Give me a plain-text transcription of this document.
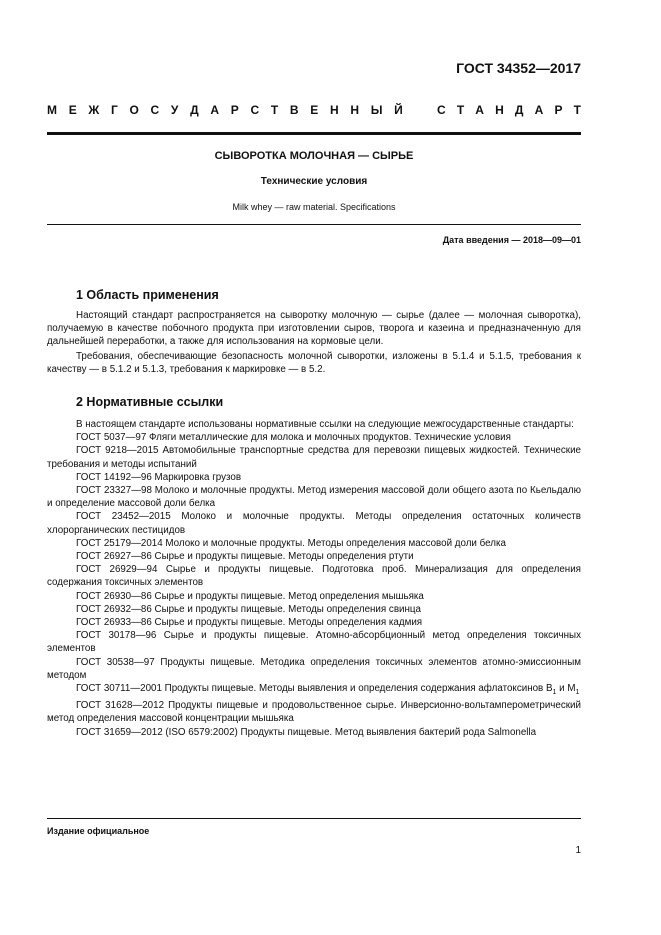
ГОСТ 34352—2017
М Е Ж Г О С У Д А Р С Т В Е Н Н Ы Й	С Т А Н Д А Р Т
СЫВОРОТКА МОЛОЧНАЯ — СЫРЬЕ
Технические условия
Milk whey — raw material. Specifications
Дата введения — 2018—09—01
1 Область применения

Настоящий стандарт распространяется на сыворотку молочную — сырье (далее — молочная сыворотка), получаемую в качестве побочного продукта при изготовлении сыров, творога и казеина и предназначенную для дальнейшей переработки, а также для использования на кормовые цели.

Требования, обеспечивающие безопасность молочной сыворотки, изложены в 5.1.4 и 5.1.5, требования к качеству — в 5.1.2 и 5.1.3, требования к маркировке — в 5.2.

2 Нормативные ссылки

В настоящем стандарте использованы нормативные ссылки на следующие межгосударственные стандарты:

ГОСТ 5037—97 Фляги металлические для молока и молочных продуктов. Технические условия

ГОСТ 9218—2015 Автомобильные транспортные средства для перевозки пищевых жидкостей. Технические требования и методы испытаний

ГОСТ 14192—96 Маркировка грузов

ГОСТ 23327—98 Молоко и молочные продукты. Метод измерения массовой доли общего азота по Кьельдалю и определение массовой доли белка

ГОСТ 23452—2015 Молоко и молочные продукты. Методы определения остаточных количеств хлорорганических пестицидов

ГОСТ 25179—2014 Молоко и молочные продукты. Методы определения массовой доли белка

ГОСТ 26927—86 Сырье и продукты пищевые. Методы определения ртути

ГОСТ 26929—94 Сырье и продукты пищевые. Подготовка проб. Минерализация для определения содержания токсичных элементов

ГОСТ 26930—86 Сырье и продукты пищевые. Метод определения мышьяка

ГОСТ 26932—86 Сырье и продукты пищевые. Методы определения свинца

ГОСТ 26933—86 Сырье и продукты пищевые. Методы определения кадмия

ГОСТ 30178—96 Сырье и продукты пищевые. Атомно-абсорбционный метод определения токсичных элементов

ГОСТ 30538—97 Продукты пищевые. Методика определения токсичных элементов атомно-эмиссионным методом

ГОСТ 30711—2001 Продукты пищевые. Методы выявления и определения содержания афлатоксинов $B_1$ и $M_1$

ГОСТ 31628—2012 Продукты пищевые и продовольственное сырье. Инверсионно-вольтамперометрический метод определения массовой концентрации мышьяка

ГОСТ 31659—2012 (ISO 6579:2002) Продукты пищевые. Метод выявления бактерий рода Salmonella

Издание официальное
1
